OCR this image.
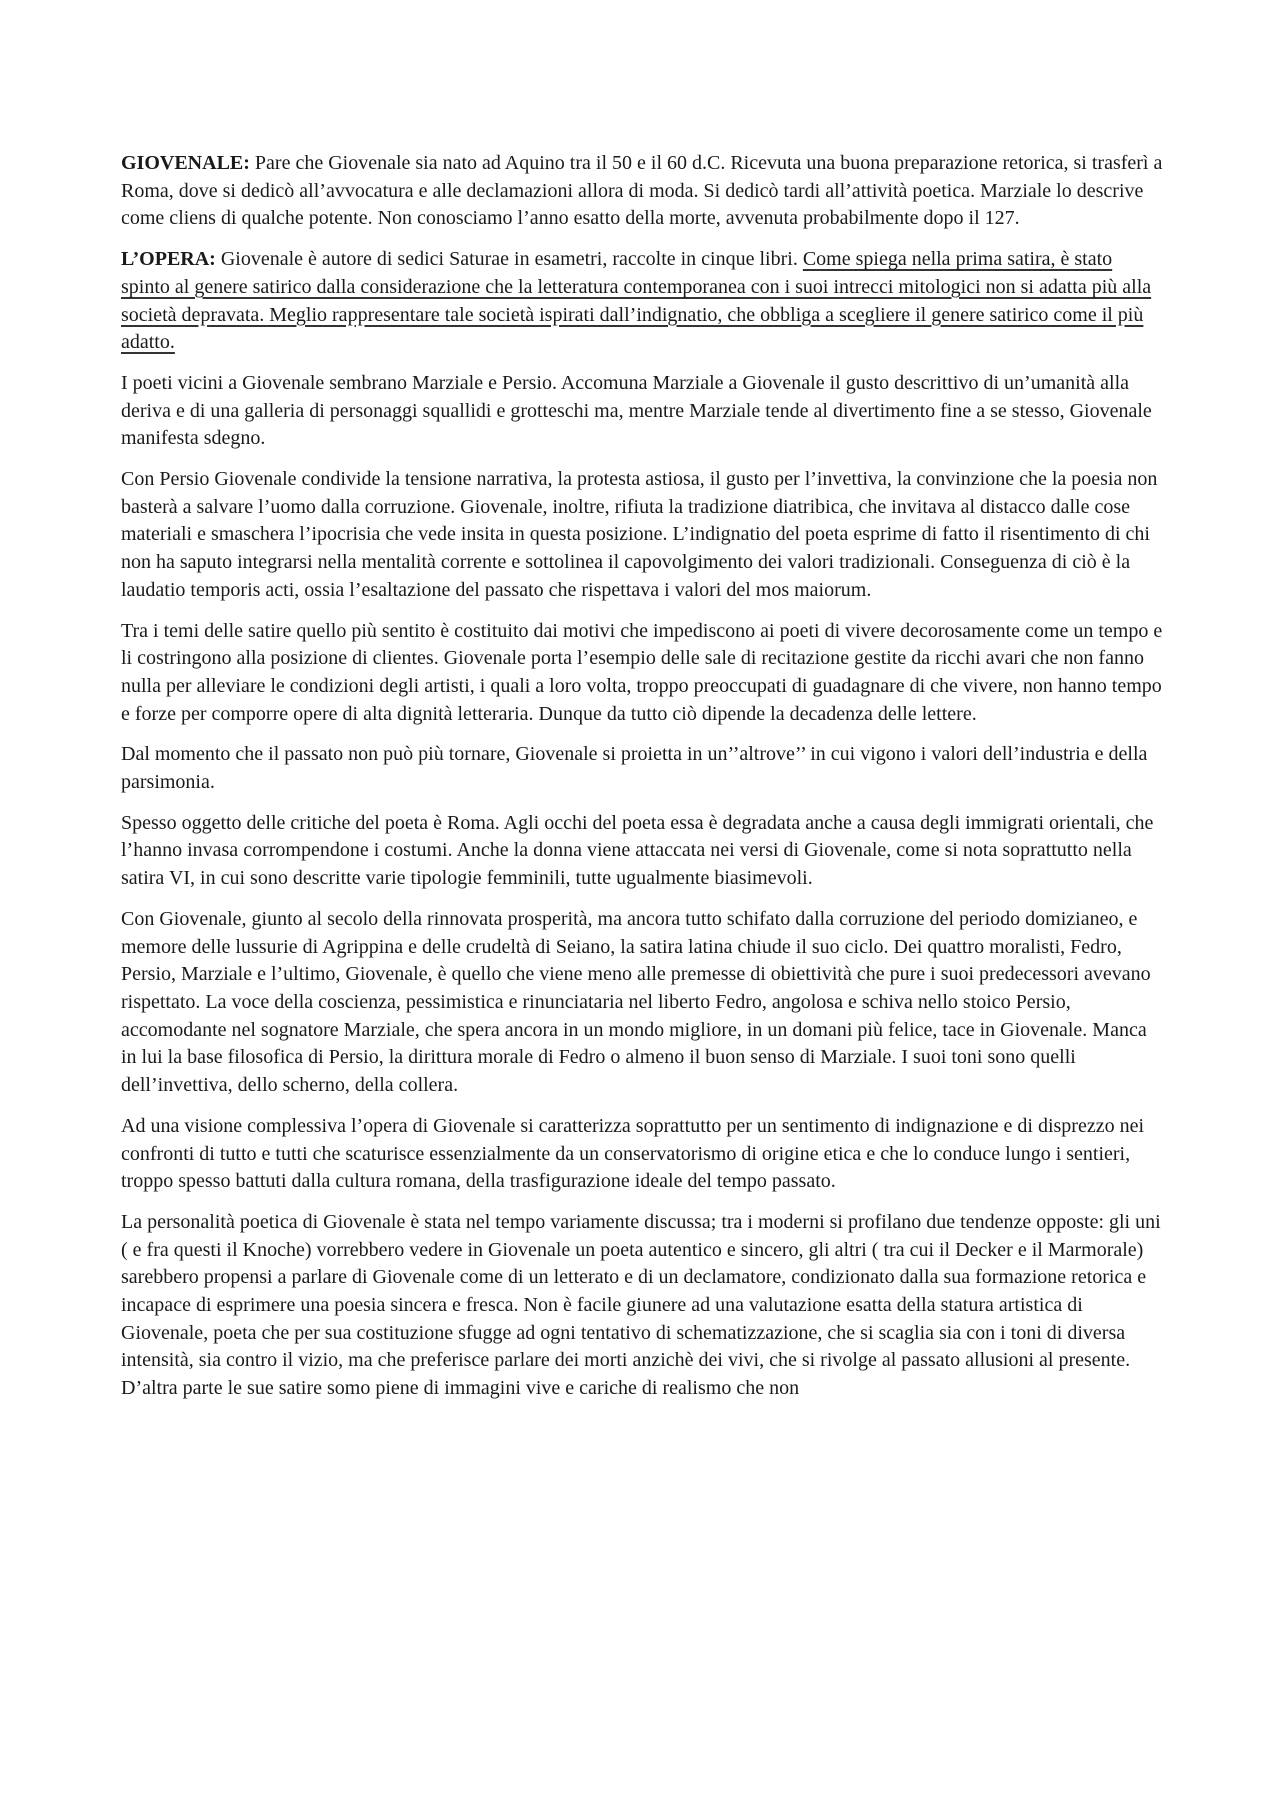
GIOVENALE: Pare che Giovenale sia nato ad Aquino tra il 50 e il 60 d.C. Ricevuta una buona preparazione retorica, si trasferì a Roma, dove si dedicò all’avvocatura e alle declamazioni allora di moda. Si dedicò tardi all’attività poetica. Marziale lo descrive come cliens di qualche potente. Non conosciamo l’anno esatto della morte, avvenuta probabilmente dopo il 127.

L’OPERA: Giovenale è autore di sedici Saturae in esametri, raccolte in cinque libri. Come spiega nella prima satira, è stato spinto al genere satirico dalla considerazione che la letteratura contemporanea con i suoi intrecci mitologici non si adatta più alla società depravata. Meglio rappresentare tale società ispirati dall’indignatio, che obbliga a scegliere il genere satirico come il più adatto.

I poeti vicini a Giovenale sembrano Marziale e Persio. Accomuna Marziale a Giovenale il gusto descrittivo di un’umanità alla deriva e di una galleria di personaggi squallidi e grotteschi ma, mentre Marziale tende al divertimento fine a se stesso, Giovenale manifesta sdegno.

Con Persio Giovenale condivide la tensione narrativa, la protesta astiosa, il gusto per l’invettiva, la convinzione che la poesia non basterà a salvare l’uomo dalla corruzione. Giovenale, inoltre, rifiuta la tradizione diatribica, che invitava al distacco dalle cose materiali e smaschera l’ipocrisia che vede insita in questa posizione. L’indignatio del poeta esprime di fatto il risentimento di chi non ha saputo integrarsi nella mentalità corrente e sottolinea il capovolgimento dei valori tradizionali. Conseguenza di ciò è la laudatio temporis acti, ossia l’esaltazione del passato che rispettava i valori del mos maiorum.

Tra i temi delle satire quello più sentito è costituito dai motivi che impediscono ai poeti di vivere decorosamente come un tempo e li costringono alla posizione di clientes. Giovenale porta l’esempio delle sale di recitazione gestite da ricchi avari che non fanno nulla per alleviare le condizioni degli artisti, i quali a loro volta, troppo preoccupati di guadagnare di che vivere, non hanno tempo e forze per comporre opere di alta dignità letteraria. Dunque da tutto ciò dipende la decadenza delle lettere.

Dal momento che il passato non può più tornare, Giovenale si proietta in un’’altrove’’ in cui vigono i valori dell’industria e della parsimonia.

Spesso oggetto delle critiche del poeta è Roma. Agli occhi del poeta essa è degradata anche a causa degli immigrati orientali, che l’hanno invasa corrompendone i costumi. Anche la donna viene attaccata nei versi di Giovenale, come si nota soprattutto nella satira VI, in cui sono descritte varie tipologie femminili, tutte ugualmente biasimevoli.

Con Giovenale, giunto al secolo della rinnovata prosperità, ma ancora tutto schifato dalla corruzione del periodo domizianeo, e memore delle lussurie di Agrippina e delle crudeltà di Seiano, la satira latina chiude il suo ciclo. Dei quattro moralisti, Fedro, Persio, Marziale e l’ultimo, Giovenale, è quello che viene meno alle premesse di obiettività che pure i suoi predecessori avevano rispettato. La voce della coscienza, pessimistica e rinunciataria nel liberto Fedro, angolosa e schiva nello stoico Persio, accomodante nel sognatore Marziale, che spera ancora in un mondo migliore, in un domani più felice, tace in Giovenale. Manca in lui la base filosofica di Persio, la dirittura morale di Fedro o almeno il buon senso di Marziale. I suoi toni sono quelli dell’invettiva, dello scherno, della collera.

Ad una visione complessiva l’opera di Giovenale si caratterizza soprattutto per un sentimento di indignazione e di disprezzo nei confronti di tutto e tutti che scaturisce essenzialmente da un conservatorismo di origine etica e che lo conduce lungo i sentieri, troppo spesso battuti dalla cultura romana, della trasfigurazione ideale del tempo passato.

La personalità poetica di Giovenale è stata nel tempo variamente discussa; tra i moderni si profilano due tendenze opposte: gli uni ( e fra questi il Knoche) vorrebbero vedere in Giovenale un poeta autentico e sincero, gli altri ( tra cui il Decker e il Marmorale) sarebbero propensi a parlare di Giovenale come di un letterato e di un declamatore, condizionato dalla sua formazione retorica e incapace di esprimere una poesia sincera e fresca. Non è facile giunere ad una valutazione esatta della statura artistica di Giovenale, poeta che per sua costituzione sfugge ad ogni tentativo di schematizzazione, che si scaglia sia con i toni di diversa intensità, sia contro il vizio, ma che preferisce parlare dei morti anzichè dei vivi, che si rivolge al passato allusioni al presente. D’altra parte le sue satire somo piene di immagini vive e cariche di realismo che non
